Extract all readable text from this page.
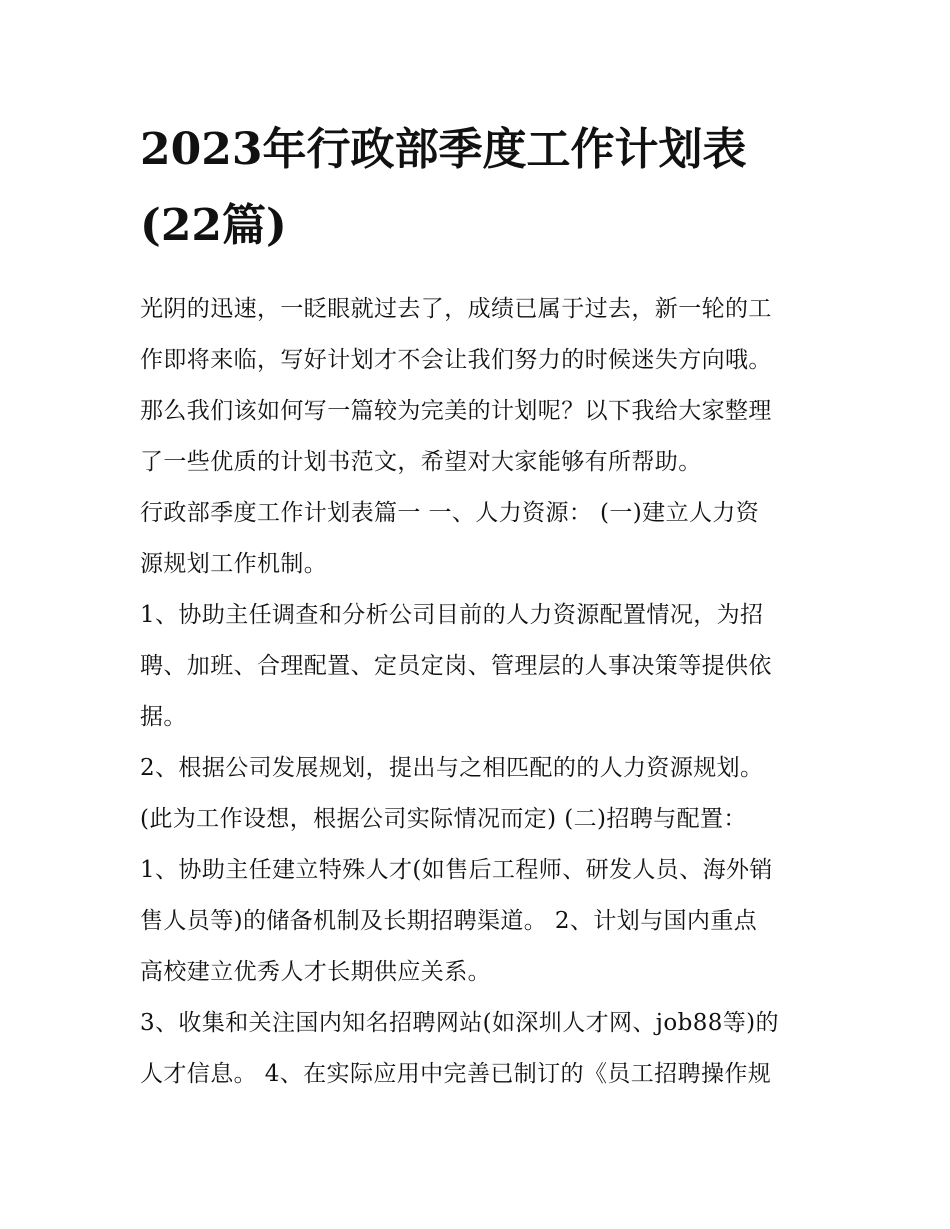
2023年行政部季度工作计划表
(22篇)

光阴的迅速，一眨眼就过去了，成绩已属于过去，新一轮的工
作即将来临，写好计划才不会让我们努力的时候迷失方向哦。
那么我们该如何写一篇较为完美的计划呢？以下我给大家整理
了一些优质的计划书范文，希望对大家能够有所帮助。

行政部季度工作计划表篇一 一、人力资源： (一)建立人力资
源规划工作机制。

1、协助主任调查和分析公司目前的人力资源配置情况，为招
聘、加班、合理配置、定员定岗、管理层的人事决策等提供依
据。

2、根据公司发展规划，提出与之相匹配的的人力资源规划。
(此为工作设想，根据公司实际情况而定) (二)招聘与配置：

1、协助主任建立特殊人才(如售后工程师、研发人员、海外销
售人员等)的储备机制及长期招聘渠道。 2、计划与国内重点
高校建立优秀人才长期供应关系。

3、收集和关注国内知名招聘网站(如深圳人才网、job88等)的
人才信息。 4、在实际应用中完善已制订的《员工招聘操作规
